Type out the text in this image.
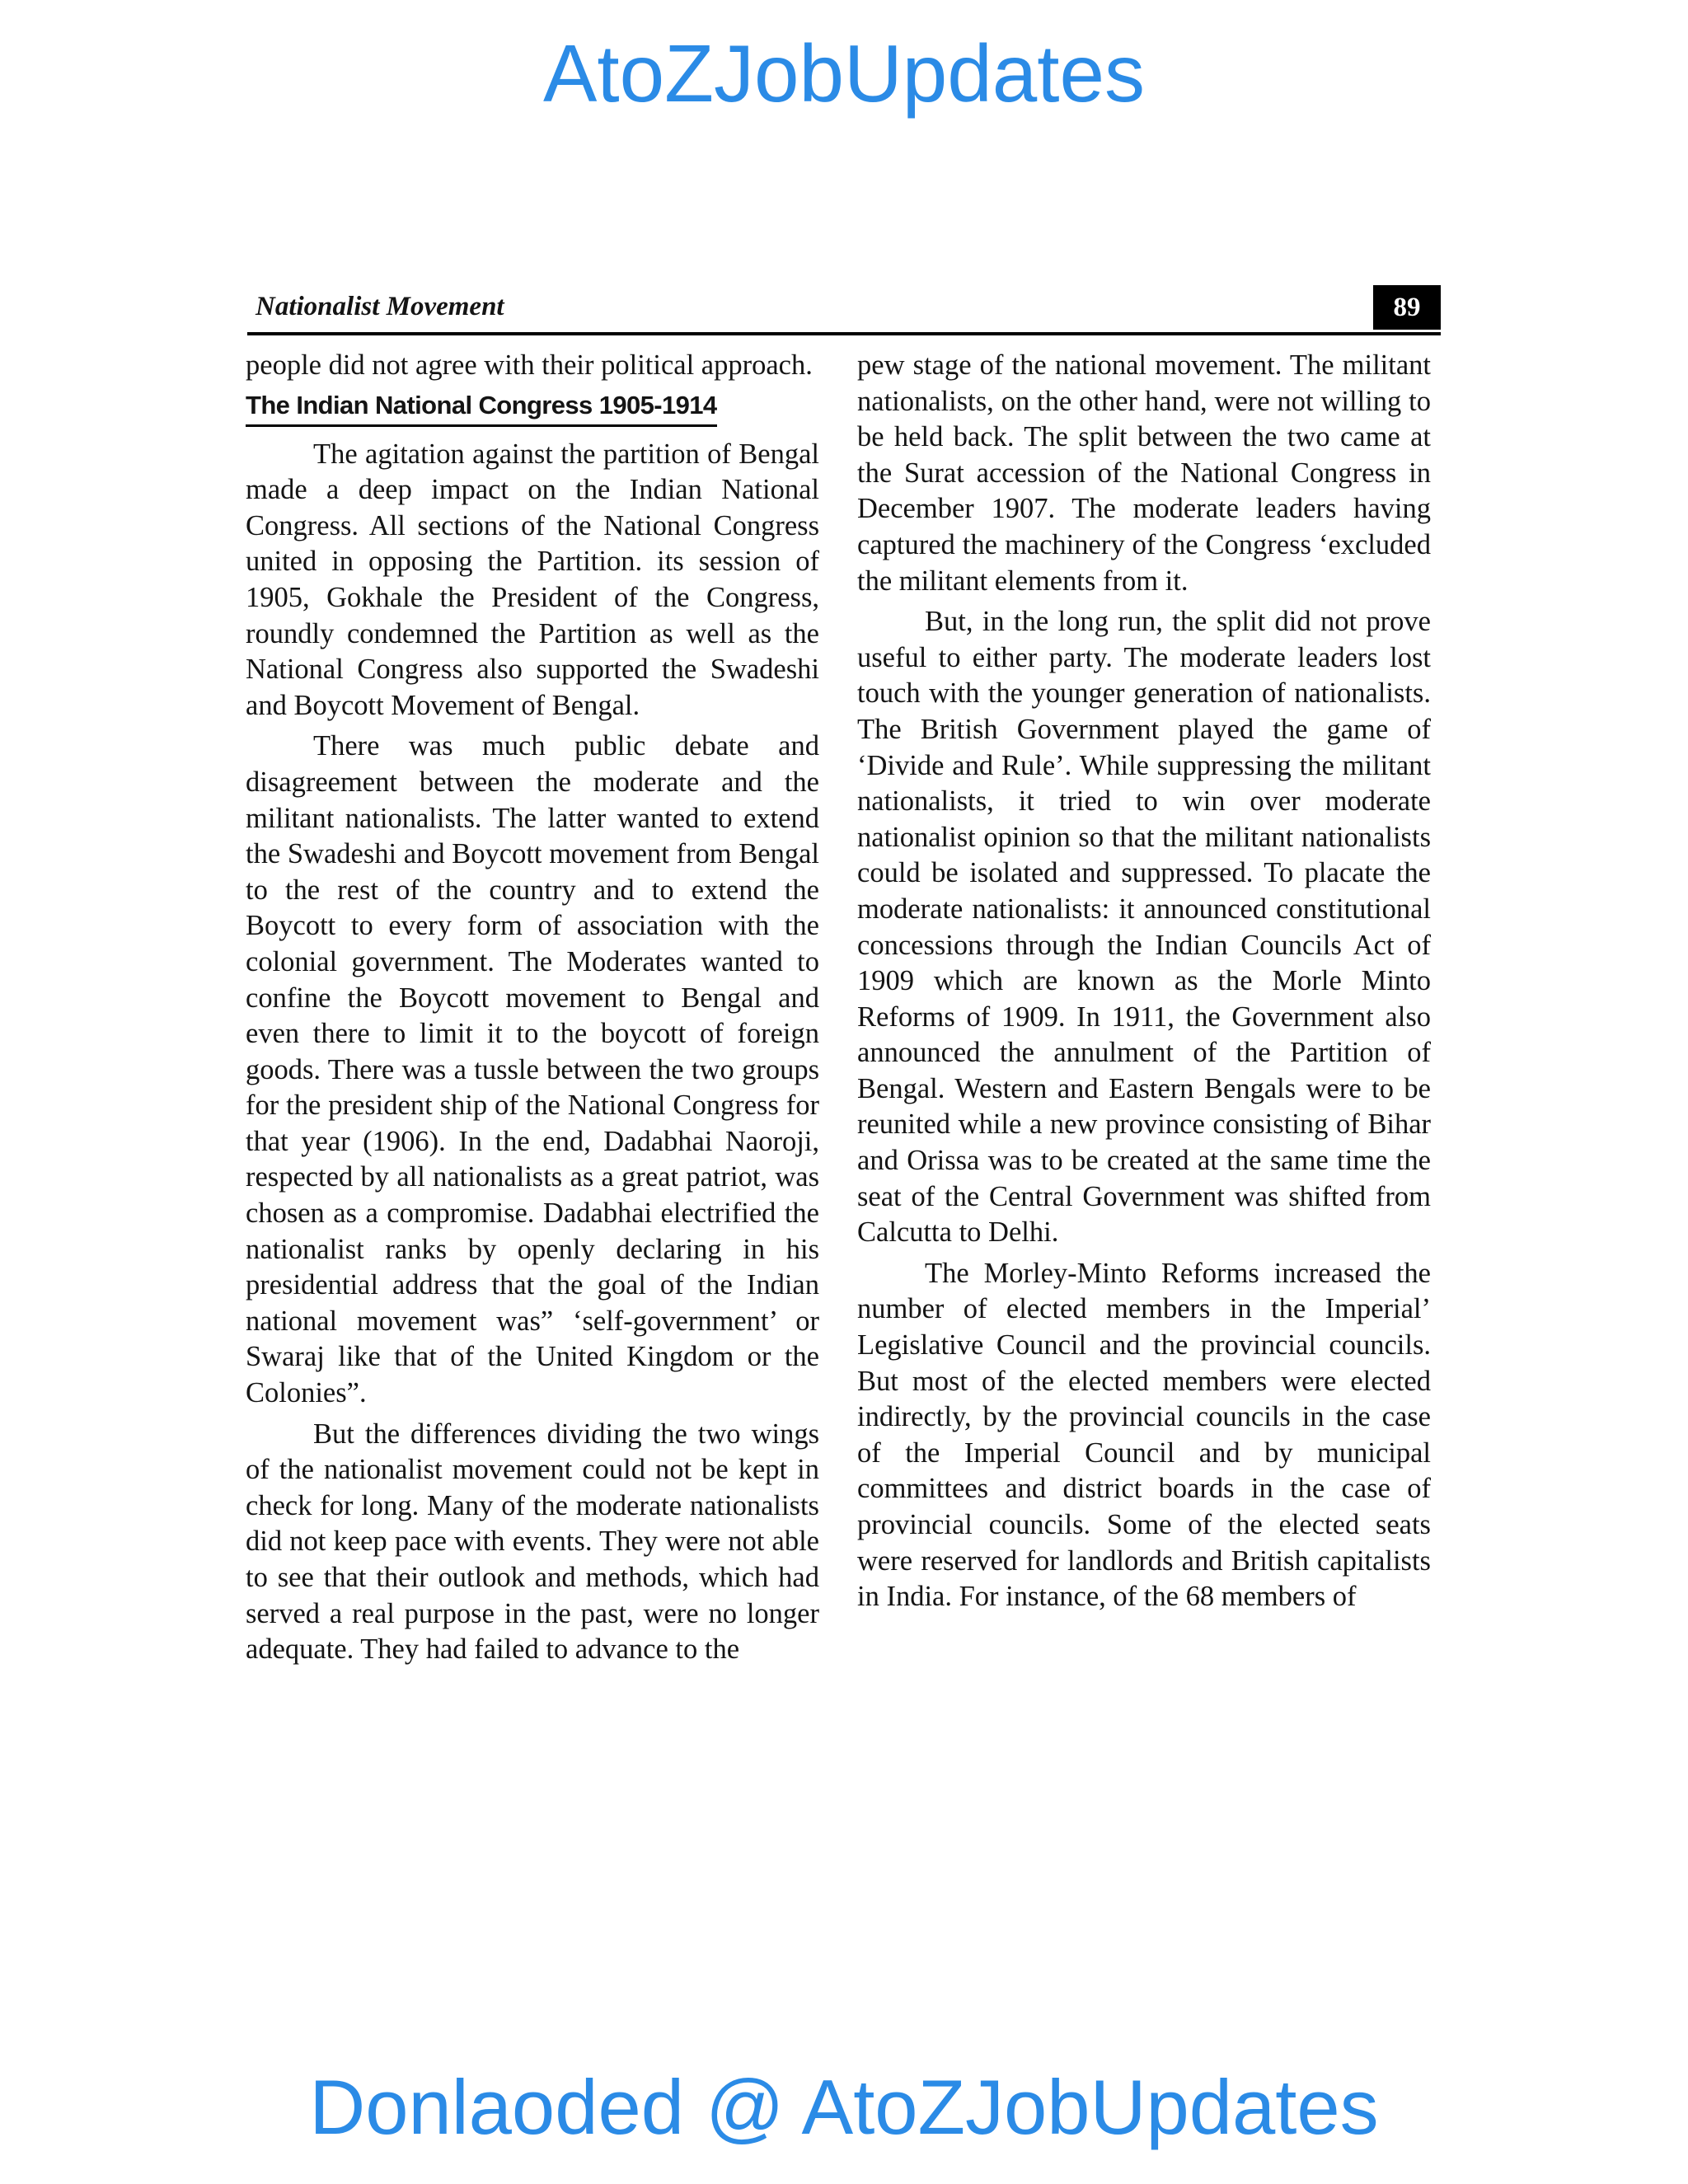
AtoZJobUpdates
Nationalist Movement	89

people did not agree with their political approach.

The Indian National Congress 1905-1914

The agitation against the partition of Bengal made a deep impact on the Indian National Congress. All sections of the National Congress united in opposing the Partition. its session of 1905, Gokhale the President of the Congress, roundly condemned the Partition as well as the National Congress also supported the Swadeshi and Boycott Movement of Bengal.

There was much public debate and disagreement between the moderate and the militant nationalists. The latter wanted to extend the Swadeshi and Boycott movement from Bengal to the rest of the country and to extend the Boycott to every form of association with the colonial government. The Moderates wanted to confine the Boycott movement to Bengal and even there to limit it to the boycott of foreign goods. There was a tussle between the two groups for the president ship of the National Congress for that year (1906). In the end, Dadabhai Naoroji, respected by all nationalists as a great patriot, was chosen as a compromise. Dadabhai electrified the nationalist ranks by openly declaring in his presidential address that the goal of the Indian national movement was” ‘self-government’ or Swaraj like that of the United Kingdom or the Colonies”.

But the differences dividing the two wings of the nationalist movement could not be kept in check for long. Many of the moderate nationalists did not keep pace with events. They were not able to see that their outlook and methods, which had served a real purpose in the past, were no longer adequate. They had failed to advance to the

pew stage of the national movement. The militant nationalists, on the other hand, were not willing to be held back. The split between the two came at the Surat accession of the National Congress in December 1907. The moderate leaders having captured the machinery of the Congress ‘excluded the militant elements from it.

But, in the long run, the split did not prove useful to either party. The moderate leaders lost touch with the younger generation of nationalists. The British Government played the game of ‘Divide and Rule’. While suppressing the militant nationalists, it tried to win over moderate nationalist opinion so that the militant nationalists could be isolated and suppressed. To placate the moderate nationalists: it announced constitutional concessions through the Indian Councils Act of 1909 which are known as the Morle Minto Reforms of 1909. In 1911, the Government also announced the annulment of the Partition of Bengal. Western and Eastern Bengals were to be reunited while a new province consisting of Bihar and Orissa was to be created at the same time the seat of the Central Government was shifted from Calcutta to Delhi.

The Morley-Minto Reforms increased the number of elected members in the Imperial’ Legislative Council and the provincial councils. But most of the elected members were elected indirectly, by the provincial councils in the case of the Imperial Council and by municipal committees and district boards in the case of provincial councils. Some of the elected seats were reserved for landlords and British capitalists in India. For instance, of the 68 members of

Donlaoded @ AtoZJobUpdates
